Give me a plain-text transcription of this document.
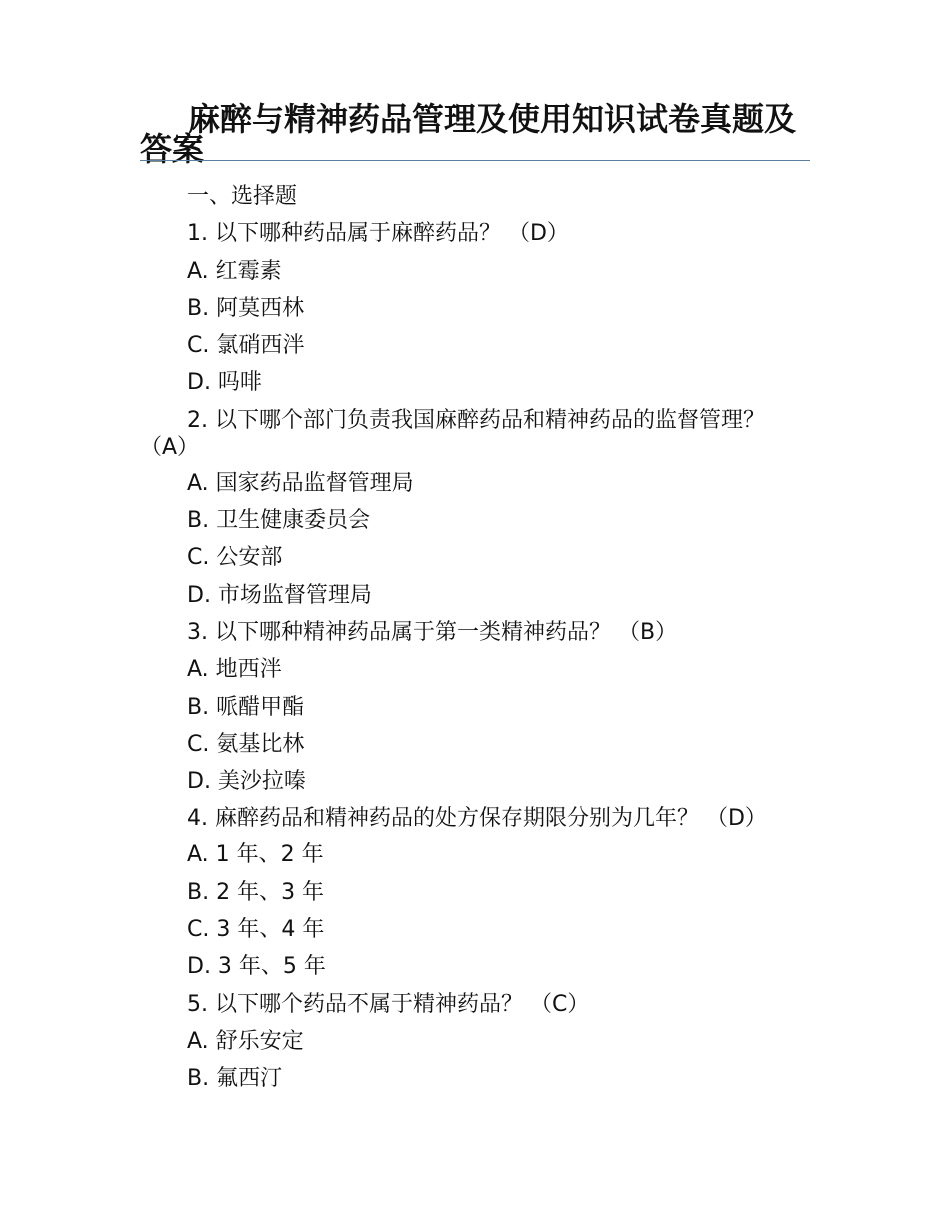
麻醉与精神药品管理及使用知识试卷真题及答案
一、选择题
1. 以下哪种药品属于麻醉药品？ （D）
A. 红霉素
B. 阿莫西林
C. 氯硝西泮
D. 吗啡
2. 以下哪个部门负责我国麻醉药品和精神药品的监督管理？ （A）
A. 国家药品监督管理局
B. 卫生健康委员会
C. 公安部
D. 市场监督管理局
3. 以下哪种精神药品属于第一类精神药品？ （B）
A. 地西泮
B. 哌醋甲酯
C. 氨基比林
D. 美沙拉嗪
4. 麻醉药品和精神药品的处方保存期限分别为几年？ （D）
A. 1 年、2 年
B. 2 年、3 年
C. 3 年、4 年
D. 3 年、5 年
5. 以下哪个药品不属于精神药品？ （C）
A. 舒乐安定
B. 氟西汀
